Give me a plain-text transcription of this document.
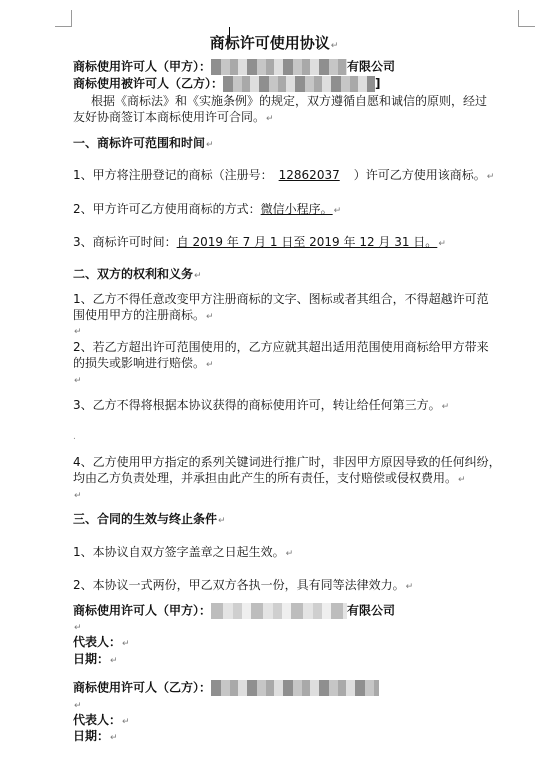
商标许可使用协议↵
商标使用许可人（甲方）：	有限公司
商标使用被许可人（乙方）：	]
根据《商标法》和《实施条例》的规定，双方遵循自愿和诚信的原则，经过
友好协商签订本商标使用许可合同。↵
一、商标许可范围和时间↵
1、甲方将注册登记的商标（注册号： 12862037 ）许可乙方使用该商标。↵
2、甲方许可乙方使用商标的方式：微信小程序。↵
3、商标许可时间：自 2019 年 7 月 1 日至 2019 年 12 月 31 日。↵
二、双方的权利和义务↵
1、乙方不得任意改变甲方注册商标的文字、图标或者其组合，不得超越许可范
围使用甲方的注册商标。↵
↵
2、若乙方超出许可范围使用的，乙方应就其超出适用范围使用商标给甲方带来
的损失或影响进行赔偿。↵
↵
3、乙方不得将根据本协议获得的商标使用许可，转让给任何第三方。↵
.
4、乙方使用甲方指定的系列关键词进行推广时，非因甲方原因导致的任何纠纷，
均由乙方负责处理，并承担由此产生的所有责任，支付赔偿或侵权费用。↵
↵
三、合同的生效与终止条件↵
1、本协议自双方签字盖章之日起生效。↵
2、本协议一式两份，甲乙双方各执一份，具有同等法律效力。↵
商标使用许可人（甲方）：	有限公司
↵
代表人：↵
日期：↵
商标使用许可人（乙方）：
↵
代表人：↵
日期：↵
